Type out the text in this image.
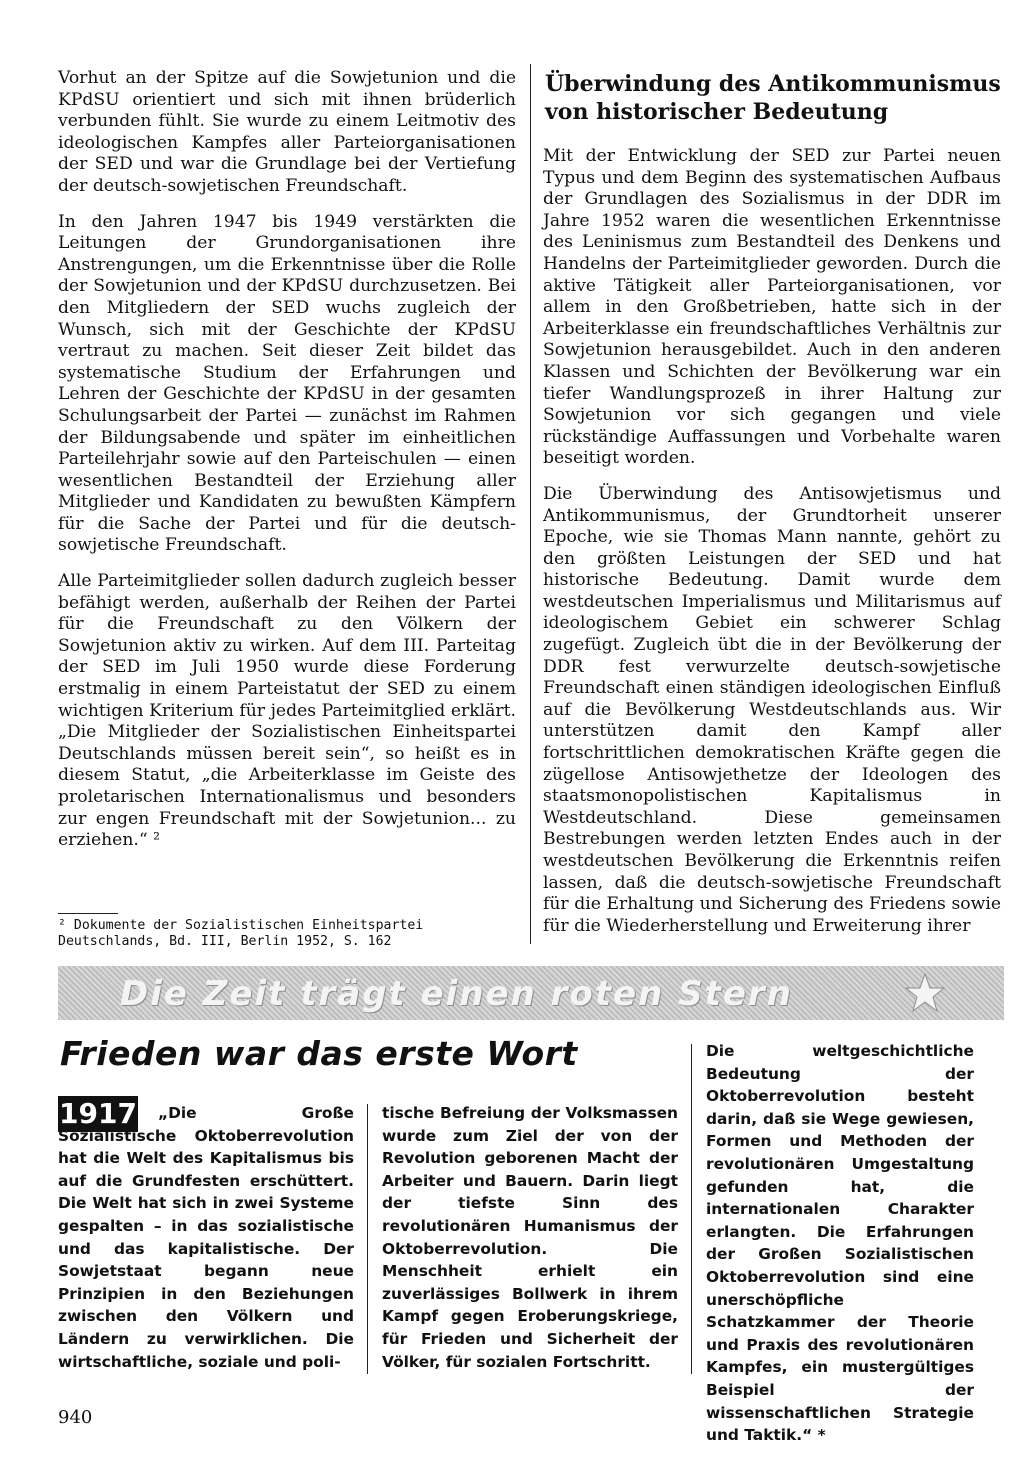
Vorhut an der Spitze auf die Sowjetunion und die KPdSU orientiert und sich mit ihnen brüderlich verbunden fühlt. Sie wurde zu einem Leitmotiv des ideologischen Kampfes aller Parteiorganisationen der SED und war die Grundlage bei der Vertiefung der deutsch-sowjetischen Freundschaft.

In den Jahren 1947 bis 1949 verstärkten die Leitungen der Grundorganisationen ihre Anstrengungen, um die Erkenntnisse über die Rolle der Sowjetunion und der KPdSU durchzusetzen. Bei den Mitgliedern der SED wuchs zugleich der Wunsch, sich mit der Geschichte der KPdSU vertraut zu machen. Seit dieser Zeit bildet das systematische Studium der Erfahrungen und Lehren der Geschichte der KPdSU in der gesamten Schulungsarbeit der Partei — zunächst im Rahmen der Bildungsabende und später im einheitlichen Parteilehrjahr sowie auf den Parteischulen — einen wesentlichen Bestandteil der Erziehung aller Mitglieder und Kandidaten zu bewußten Kämpfern für die Sache der Partei und für die deutsch-sowjetische Freundschaft.

Alle Parteimitglieder sollen dadurch zugleich besser befähigt werden, außerhalb der Reihen der Partei für die Freundschaft zu den Völkern der Sowjetunion aktiv zu wirken. Auf dem III. Parteitag der SED im Juli 1950 wurde diese Forderung erstmalig in einem Parteistatut der SED zu einem wichtigen Kriterium für jedes Parteimitglied erklärt. „Die Mitglieder der Sozialistischen Einheitspartei Deutschlands müssen bereit sein“, so heißt es in diesem Statut, „die Arbeiterklasse im Geiste des proletarischen Internationalismus und besonders zur engen Freundschaft mit der Sowjetunion... zu erziehen.“ ²

² Dokumente der Sozialistischen Einheitspartei Deutschlands, Bd. III, Berlin 1952, S. 162
Überwindung des Antikommunismus von historischer Bedeutung

Mit der Entwicklung der SED zur Partei neuen Typus und dem Beginn des systematischen Aufbaus der Grundlagen des Sozialismus in der DDR im Jahre 1952 waren die wesentlichen Erkenntnisse des Leninismus zum Bestandteil des Denkens und Handelns der Parteimitglieder geworden. Durch die aktive Tätigkeit aller Parteiorganisationen, vor allem in den Großbetrieben, hatte sich in der Arbeiterklasse ein freundschaftliches Verhältnis zur Sowjetunion herausgebildet. Auch in den anderen Klassen und Schichten der Bevölkerung war ein tiefer Wandlungsprozeß in ihrer Haltung zur Sowjetunion vor sich gegangen und viele rückständige Auffassungen und Vorbehalte waren beseitigt worden.

Die Überwindung des Antisowjetismus und Antikommunismus, der Grundtorheit unserer Epoche, wie sie Thomas Mann nannte, gehört zu den größten Leistungen der SED und hat historische Bedeutung. Damit wurde dem westdeutschen Imperialismus und Militarismus auf ideologischem Gebiet ein schwerer Schlag zugefügt. Zugleich übt die in der Bevölkerung der DDR fest verwurzelte deutsch-sowjetische Freundschaft einen ständigen ideologischen Einfluß auf die Bevölkerung Westdeutschlands aus. Wir unterstützen damit den Kampf aller fortschrittlichen demokratischen Kräfte gegen die zügellose Antisowjethetze der Ideologen des staatsmonopolistischen Kapitalismus in Westdeutschland. Diese gemeinsamen Bestrebungen werden letzten Endes auch in der westdeutschen Bevölkerung die Erkenntnis reifen lassen, daß die deutsch-sowjetische Freundschaft für die Erhaltung und Sicherung des Friedens sowie für die Wiederherstellung und Erweiterung ihrer

Die Zeit trägt einen roten Stern
Frieden war das erste Wort
1917	„Die Große Sozialistische Oktoberrevolution hat die Welt des Kapitalismus bis auf die Grundfesten erschüttert. Die Welt hat sich in zwei Systeme gespalten – in das sozialistische und das kapitalistische. Der Sowjetstaat begann neue Prinzipien in den Beziehungen zwischen den Völkern und Ländern zu verwirklichen. Die wirtschaftliche, soziale und poli-
tische Befreiung der Volksmassen wurde zum Ziel der von der Revolution geborenen Macht der Arbeiter und Bauern. Darin liegt der tiefste Sinn des revolutionären Humanismus der Oktoberrevolution. Die Menschheit erhielt ein zuverlässiges Bollwerk in ihrem Kampf gegen Eroberungskriege, für Frieden und Sicherheit der Völker, für sozialen Fortschritt.
Die weltgeschichtliche Bedeutung der Oktoberrevolution besteht darin, daß sie Wege gewiesen, Formen und Methoden der revolutionären Umgestaltung gefunden hat, die internationalen Charakter erlangten. Die Erfahrungen der Großen Sozialistischen Oktoberrevolution sind eine unerschöpfliche Schatzkammer der Theorie und Praxis des revolutionären Kampfes, ein mustergültiges Beispiel der wissenschaftlichen Strategie und Taktik.“ *
940
